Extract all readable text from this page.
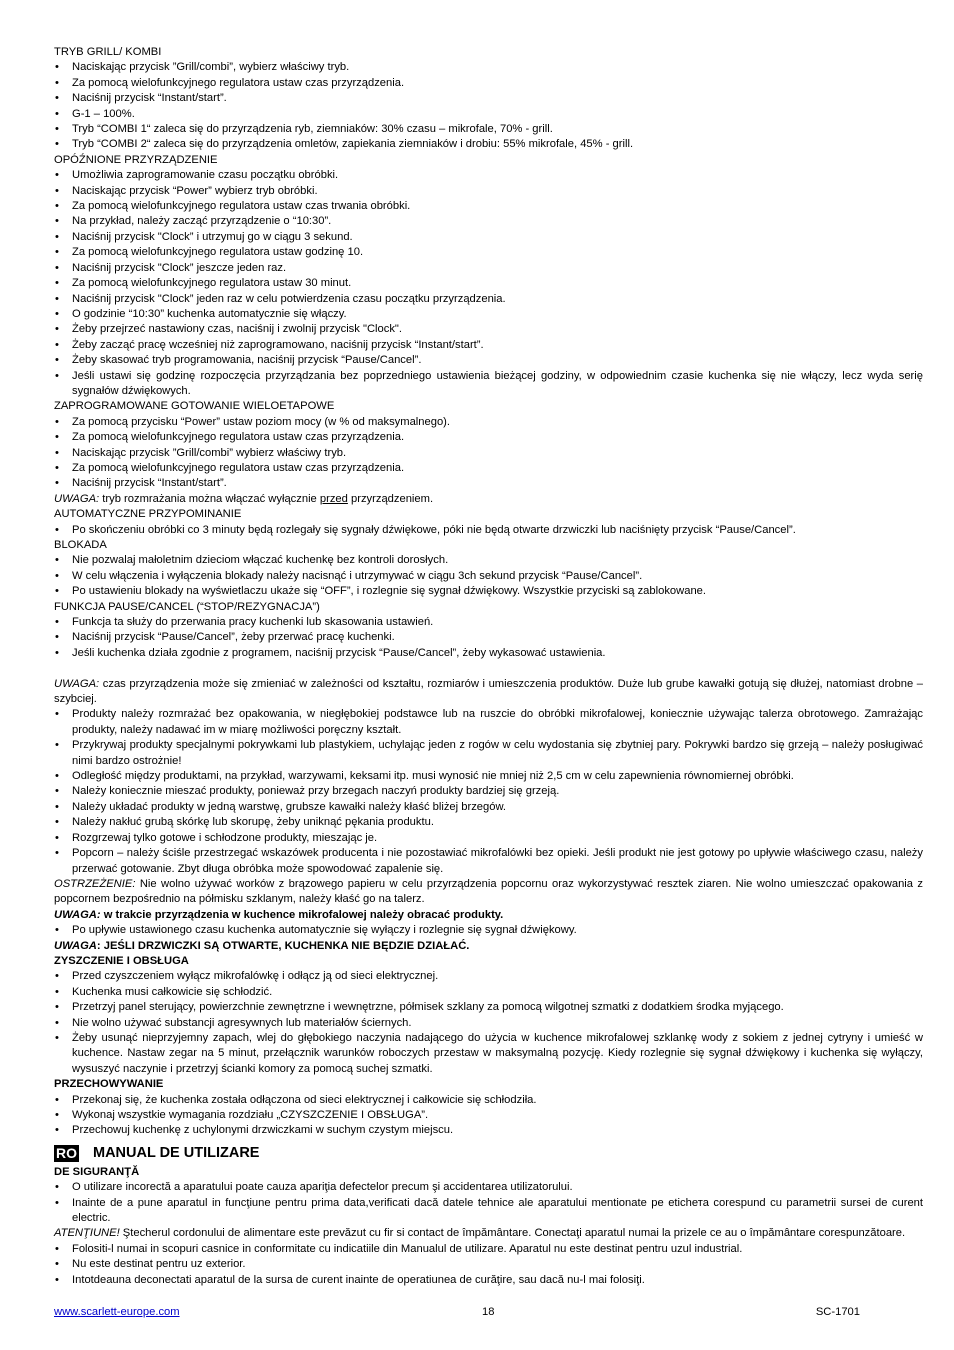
TRYB GRILL/ KOMBI
• Naciskając przycisk ”Grill/combi”, wybierz właściwy tryb.
• Za pomocą wielofunkcyjnego regulatora ustaw czas przyrządzenia.
• Naciśnij przycisk “Instant/start”.
• G-1 – 100%.
• Tryb “COMBI 1“ zaleca się do przyrządzenia ryb, ziemniaków: 30% czasu – mikrofale, 70% - grill.
• Tryb “COMBI 2“ zaleca się do przyrządzenia omletów, zapiekania ziemniaków i drobiu: 55% mikrofale, 45% - grill.
OPÓŹNIONE PRZYRZĄDZENIE
• Umożliwia zaprogramowanie czasu początku obróbki.
• Naciskając przycisk “Power” wybierz tryb obróbki.
• Za pomocą wielofunkcyjnego regulatora ustaw czas trwania obróbki.
• Na przykład, należy zacząć przyrządzenie o “10:30”.
• Naciśnij przycisk "Clock” i utrzymuj go w ciągu 3 sekund.
• Za pomocą wielofunkcyjnego regulatora ustaw godzinę 10.
• Naciśnij przycisk "Clock” jeszcze jeden raz.
• Za pomocą wielofunkcyjnego regulatora ustaw 30 minut.
• Naciśnij przycisk "Clock” jeden raz w celu potwierdzenia czasu początku przyrządzenia.
• O godzinie “10:30” kuchenka automatycznie się włączy.
• Żeby przejrzeć nastawiony czas, naciśnij i zwolnij przycisk "Clock".
• Żeby zacząć pracę wcześniej niż zaprogramowano, naciśnij przycisk “Instant/start”.
• Żeby skasować tryb programowania, naciśnij przycisk “Pause/Cancel”.
• Jeśli ustawi się godzinę rozpoczęcia przyrządzania bez poprzedniego ustawienia bieżącej godziny, w odpowiednim czasie kuchenka się nie włączy, lecz wyda serię sygnałów dźwiękowych.
ZAPROGRAMOWANE GOTOWANIE WIELOETAPOWE
• Za pomocą przycisku “Power” ustaw poziom mocy (w % od maksymalnego).
• Za pomocą wielofunkcyjnego regulatora ustaw czas przyrządzenia.
• Naciskając przycisk ”Grill/combi” wybierz właściwy tryb.
• Za pomocą wielofunkcyjnego regulatora ustaw czas przyrządzenia.
• Naciśnij przycisk “Instant/start”.

UWAGA: tryb rozmrażania można włączać wyłącznie przed przyrządzeniem.

AUTOMATYCZNE PRZYPOMINANIE
• Po skończeniu obróbki co 3 minuty będą rozlegały się sygnały dźwiękowe, póki nie będą otwarte drzwiczki lub naciśnięty przycisk “Pause/Cancel”.
BLOKADA
• Nie pozwalaj małoletnim dzieciom włączać kuchenkę bez kontroli dorosłych.
• W celu włączenia i wyłączenia blokady należy nacisnąć i utrzymywać w ciągu 3ch sekund przycisk “Pause/Cancel”.
• Po ustawieniu blokady na wyświetlaczu ukaże się “OFF”, i rozlegnie się sygnał dźwiękowy. Wszystkie przyciski są zablokowane.
FUNKCJA PAUSE/CANCEL (“STOP/REZYGNACJA”)
• Funkcja ta służy do przerwania pracy kuchenki lub skasowania ustawień.
• Naciśnij przycisk “Pause/Cancel”, żeby przerwać pracę kuchenki.
• Jeśli kuchenka działa zgodnie z programem, naciśnij przycisk “Pause/Cancel”, żeby wykasować ustawienia.

UWAGA: czas przyrządzenia może się zmieniać w zależności od kształtu, rozmiarów i umieszczenia produktów. Duże lub grube kawałki gotują się dłużej, natomiast drobne – szybciej.

• Produkty należy rozmrażać bez opakowania, w niegłębokiej podstawce lub na ruszcie do obróbki mikrofalowej, koniecznie używając talerza obrotowego. Zamrażając produkty, należy nadawać im w miarę możliwości poręczny kształt.
• Przykrywaj produkty specjalnymi pokrywkami lub plastykiem, uchylając jeden z rogów w celu wydostania się zbytniej pary. Pokrywki bardzo się grzeją – należy posługiwać nimi bardzo ostrożnie!
• Odległość między produktami, na przykład, warzywami, keksami itp. musi wynosić nie mniej niż 2,5 cm w celu zapewnienia równomiernej obróbki.
• Należy koniecznie mieszać produkty, ponieważ przy brzegach naczyń produkty bardziej się grzeją.
• Należy układać produkty w jedną warstwę, grubsze kawałki należy kłaść bliżej brzegów.
• Należy nakłuć grubą skórkę lub skorupę, żeby uniknąć pękania produktu.
• Rozgrzewaj tylko gotowe i schłodzone produkty, mieszając je.
• Popcorn – należy ściśle przestrzegać wskazówek producenta i nie pozostawiać mikrofalówki bez opieki. Jeśli produkt nie jest gotowy po upływie właściwego czasu, należy przerwać gotowanie. Zbyt długa obróbka może spowodować zapalenie się.

OSTRZEŻENIE: Nie wolno używać worków z brązowego papieru w celu przyrządzenia popcornu oraz wykorzystywać resztek ziaren. Nie wolno umieszczać opakowania z popcornem bezpośrednio na półmisku szklanym, należy kłaść go na talerz.

UWAGA: w trakcie przyrządzenia w kuchence mikrofalowej należy obracać produkty.

• Po upływie ustawionego czasu kuchenka automatycznie się wyłączy i rozlegnie się sygnał dźwiękowy.

UWAGA: JEŚLI DRZWICZKI SĄ OTWARTE, KUCHENKA NIE BĘDZIE DZIAŁAĆ.

ZYSZCZENIE I OBSŁUGA
• Przed czyszczeniem wyłącz mikrofalówkę i odłącz ją od sieci elektrycznej.
• Kuchenka musi całkowicie się schłodzić.
• Przetrzyj panel sterujący, powierzchnie zewnętrzne i wewnętrzne, półmisek szklany za pomocą wilgotnej szmatki z dodatkiem środka myjącego.
• Nie wolno używać substancji agresywnych lub materiałów ściernych.
• Żeby usunąć nieprzyjemny zapach, wlej do głębokiego naczynia nadającego do użycia w kuchence mikrofalowej szklankę wody z sokiem z jednej cytryny i umieść w kuchence. Nastaw zegar na 5 minut, przełącznik warunków roboczych przestaw w maksymalną pozycję. Kiedy rozlegnie się sygnał dźwiękowy i kuchenka się wyłączy, wysuszyć naczynie i przetrzyj ścianki komory za pomocą suchej szmatki.
PRZECHOWYWANIE
• Przekonaj się, że kuchenka została odłączona od sieci elektrycznej i całkowicie się schłodziła.
• Wykonaj wszystkie wymagania rozdziału „CZYSZCZENIE I OBSŁUGA”.
• Przechowuj kuchenkę z uchylonymi drzwiczkami w suchym czystym miejscu.
RO MANUAL DE UTILIZARE
DE SIGURANŢĂ
• O utilizare incorectă a aparatului poate cauza apariţia defectelor precum şi accidentarea utilizatorului.
• Inainte de a pune aparatul in funcţiune pentru prima data,verificati dacă datele tehnice ale aparatului mentionate pe etichета corespund cu parametrii sursei de curent electric.

ATENŢIUNE! Ştecherul cordonului de alimentare este prevăzut cu fir si contact de împământare. Conectaţi aparatul numai la prizele ce au o împământare corespunzătoare.

• Folositi-l numai in scopuri casnice in conformitate cu indicatiile din Manualul de utilizare. Aparatul nu este destinat pentru uzul industrial.
• Nu este destinat pentru uz exterior.
• Intotdeauna deconectati aparatul de la sursa de curent inainte de operatiunea de curăţire, sau dacă nu-l mai folosiţi.
www.scarlett-europe.com	18	SC-1701
